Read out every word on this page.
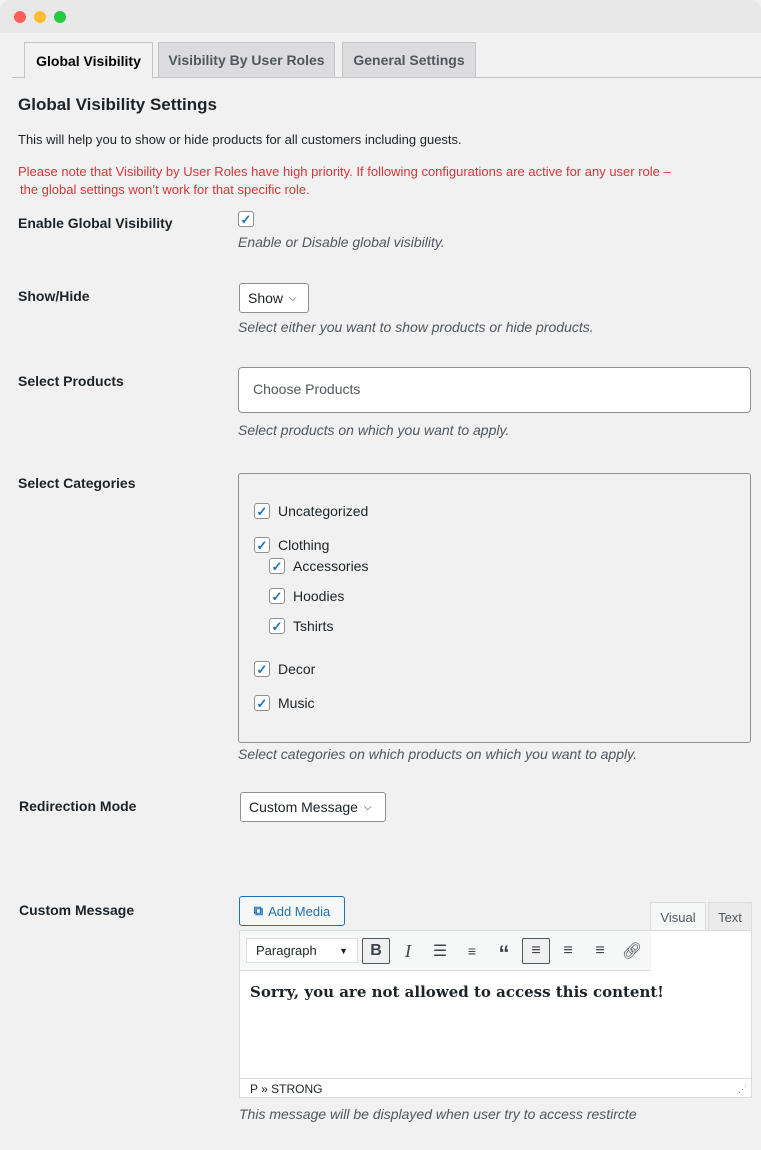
Global Visibility	Visibility By User Roles	General Settings
Global Visibility Settings
This will help you to show or hide products for all customers including guests.
Please note that Visibility by User Roles have high priority. If following configurations are active for any user role –
the global settings won’t work for that specific role.
Enable Global Visibility	✓
Enable or Disable global visibility.
Show/Hide	Show ⌵
Select either you want to show products or hide products.
Select Products	Choose Products
Select products on which you want to apply.
Select Categories
✓ Uncategorized
✓ Clothing
✓ Accessories
✓ Hoodies
✓ Tshirts
✓ Decor
✓ Music
Select categories on which products on which you want to apply.
Redirection Mode	Custom Message ⌵
Custom Message	⧉ Add Media	Visual	Text
Paragraph ▼	B	I	☰	≡	“	≡	≡	≡	🔗︎
Sorry, you are not allowed to access this content!
P » STRONG	⋰
This message will be displayed when user try to access restircte
